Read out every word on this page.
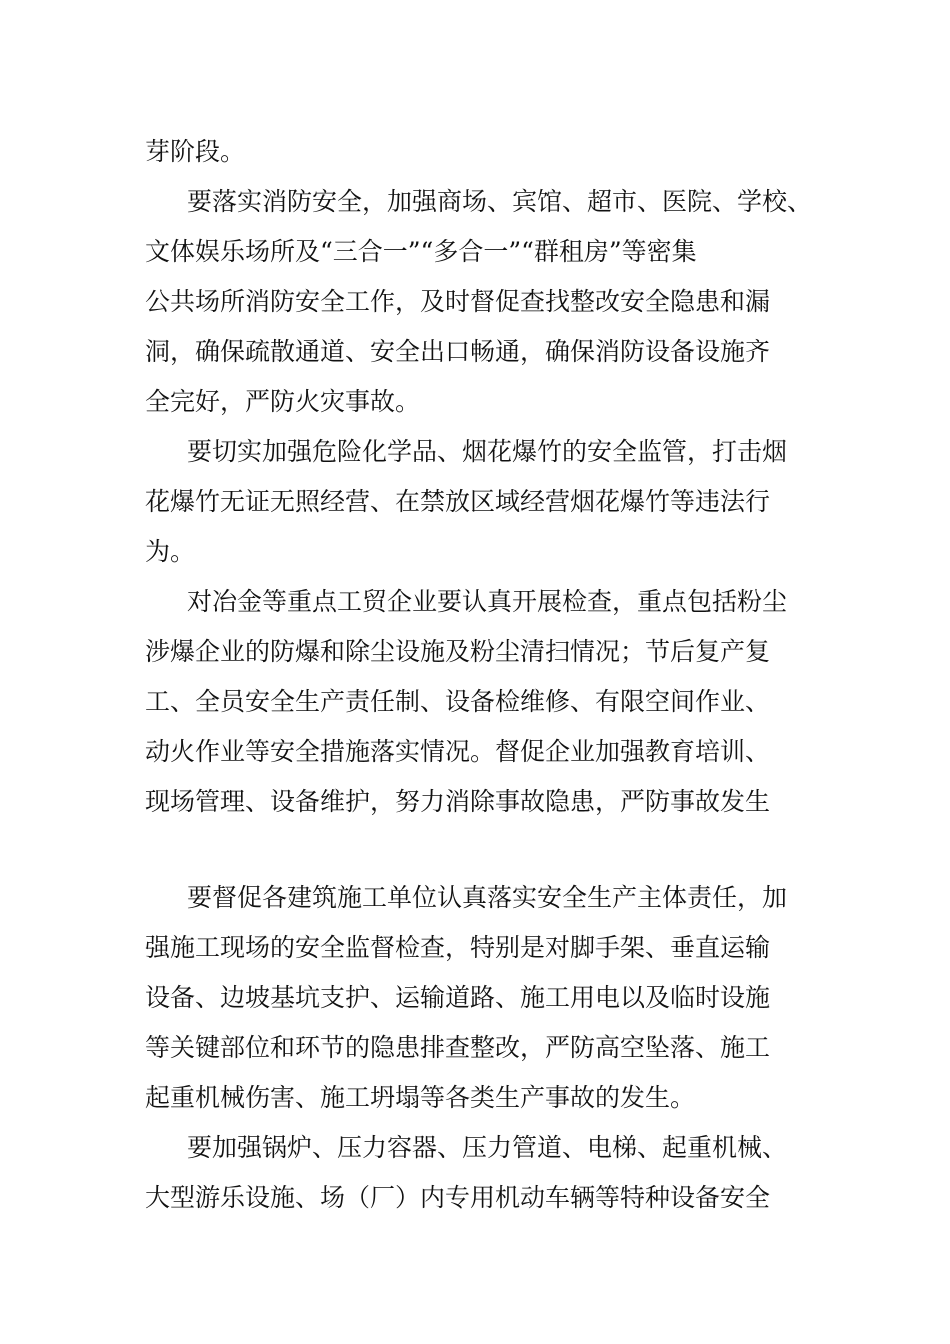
芽阶段。
要落实消防安全，加强商场、宾馆、超市、医院、学校、
文体娱乐场所及“三合一”“多合一”“群租房”等密集
公共场所消防安全工作，及时督促查找整改安全隐患和漏
洞，确保疏散通道、安全出口畅通，确保消防设备设施齐
全完好，严防火灾事故。
要切实加强危险化学品、烟花爆竹的安全监管，打击烟
花爆竹无证无照经营、在禁放区域经营烟花爆竹等违法行
为。
对冶金等重点工贸企业要认真开展检查，重点包括粉尘
涉爆企业的防爆和除尘设施及粉尘清扫情况；节后复产复
工、全员安全生产责任制、设备检维修、有限空间作业、
动火作业等安全措施落实情况。督促企业加强教育培训、
现场管理、设备维护，努力消除事故隐患，严防事故发生
要督促各建筑施工单位认真落实安全生产主体责任，加
强施工现场的安全监督检查，特别是对脚手架、垂直运输
设备、边坡基坑支护、运输道路、施工用电以及临时设施
等关键部位和环节的隐患排查整改，严防高空坠落、施工
起重机械伤害、施工坍塌等各类生产事故的发生。
要加强锅炉、压力容器、压力管道、电梯、起重机械、
大型游乐设施、场（厂）内专用机动车辆等特种设备安全
